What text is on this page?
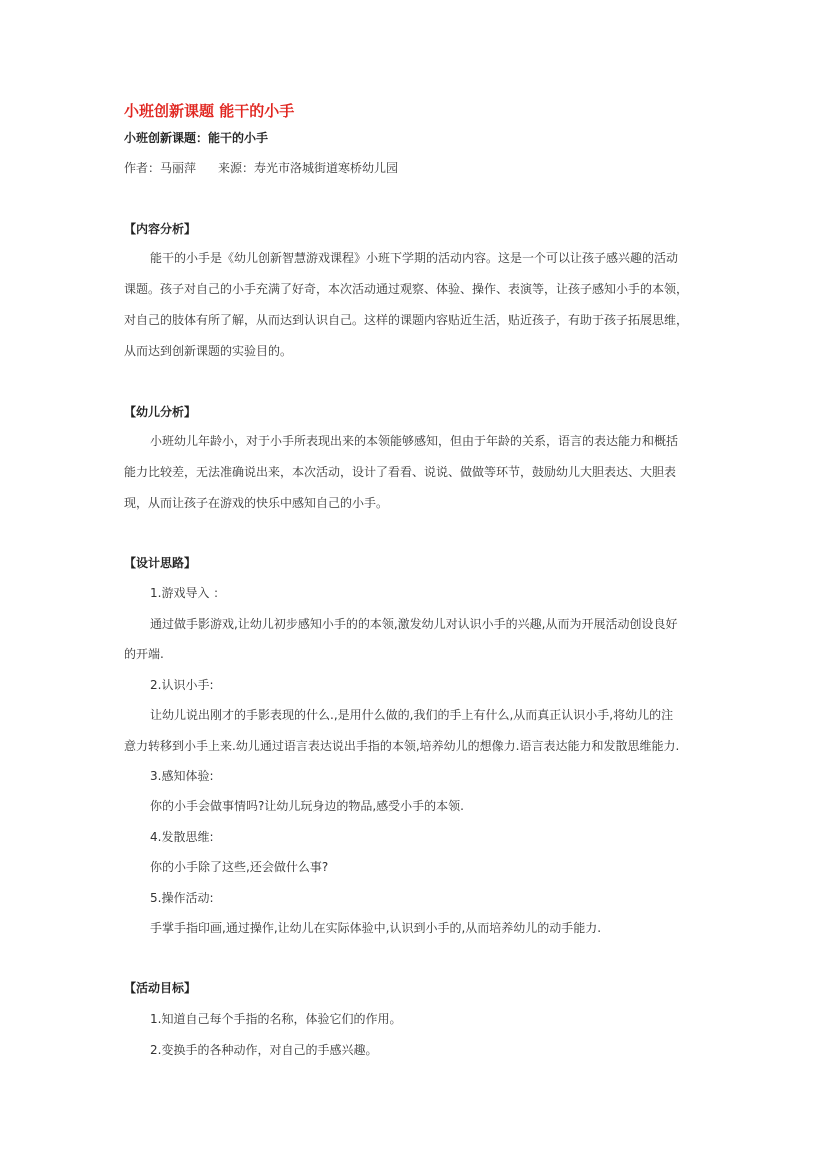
小班创新课题 能干的小手
小班创新课题：能干的小手
作者：马丽萍 来源：寿光市洛城街道寒桥幼儿园
【内容分析】
能干的小手是《幼儿创新智慧游戏课程》小班下学期的活动内容。这是一个可以让孩子感兴趣的活动
课题。孩子对自己的小手充满了好奇，本次活动通过观察、体验、操作、表演等，让孩子感知小手的本领，
对自己的肢体有所了解，从而达到认识自己。这样的课题内容贴近生活，贴近孩子，有助于孩子拓展思维，
从而达到创新课题的实验目的。
【幼儿分析】
小班幼儿年龄小，对于小手所表现出来的本领能够感知，但由于年龄的关系，语言的表达能力和概括
能力比较差，无法准确说出来，本次活动，设计了看看、说说、做做等环节，鼓励幼儿大胆表达、大胆表
现，从而让孩子在游戏的快乐中感知自己的小手。
【设计思路】
1.游戏导入 ：
通过做手影游戏,让幼儿初步感知小手的的本领,激发幼儿对认识小手的兴趣,从而为开展活动创设良好
的开端.
2.认识小手:
让幼儿说出刚才的手影表现的什么.,是用什么做的,我们的手上有什么,从而真正认识小手,将幼儿的注
意力转移到小手上来.幼儿通过语言表达说出手指的本领,培养幼儿的想像力.语言表达能力和发散思维能力.
3.感知体验:
你的小手会做事情吗?让幼儿玩身边的物品,感受小手的本领.
4.发散思维:
你的小手除了这些,还会做什么事?
5.操作活动:
手掌手指印画,通过操作,让幼儿在实际体验中,认识到小手的,从而培养幼儿的动手能力.
【活动目标】
1.知道自己每个手指的名称，体验它们的作用。
2.变换手的各种动作，对自己的手感兴趣。
